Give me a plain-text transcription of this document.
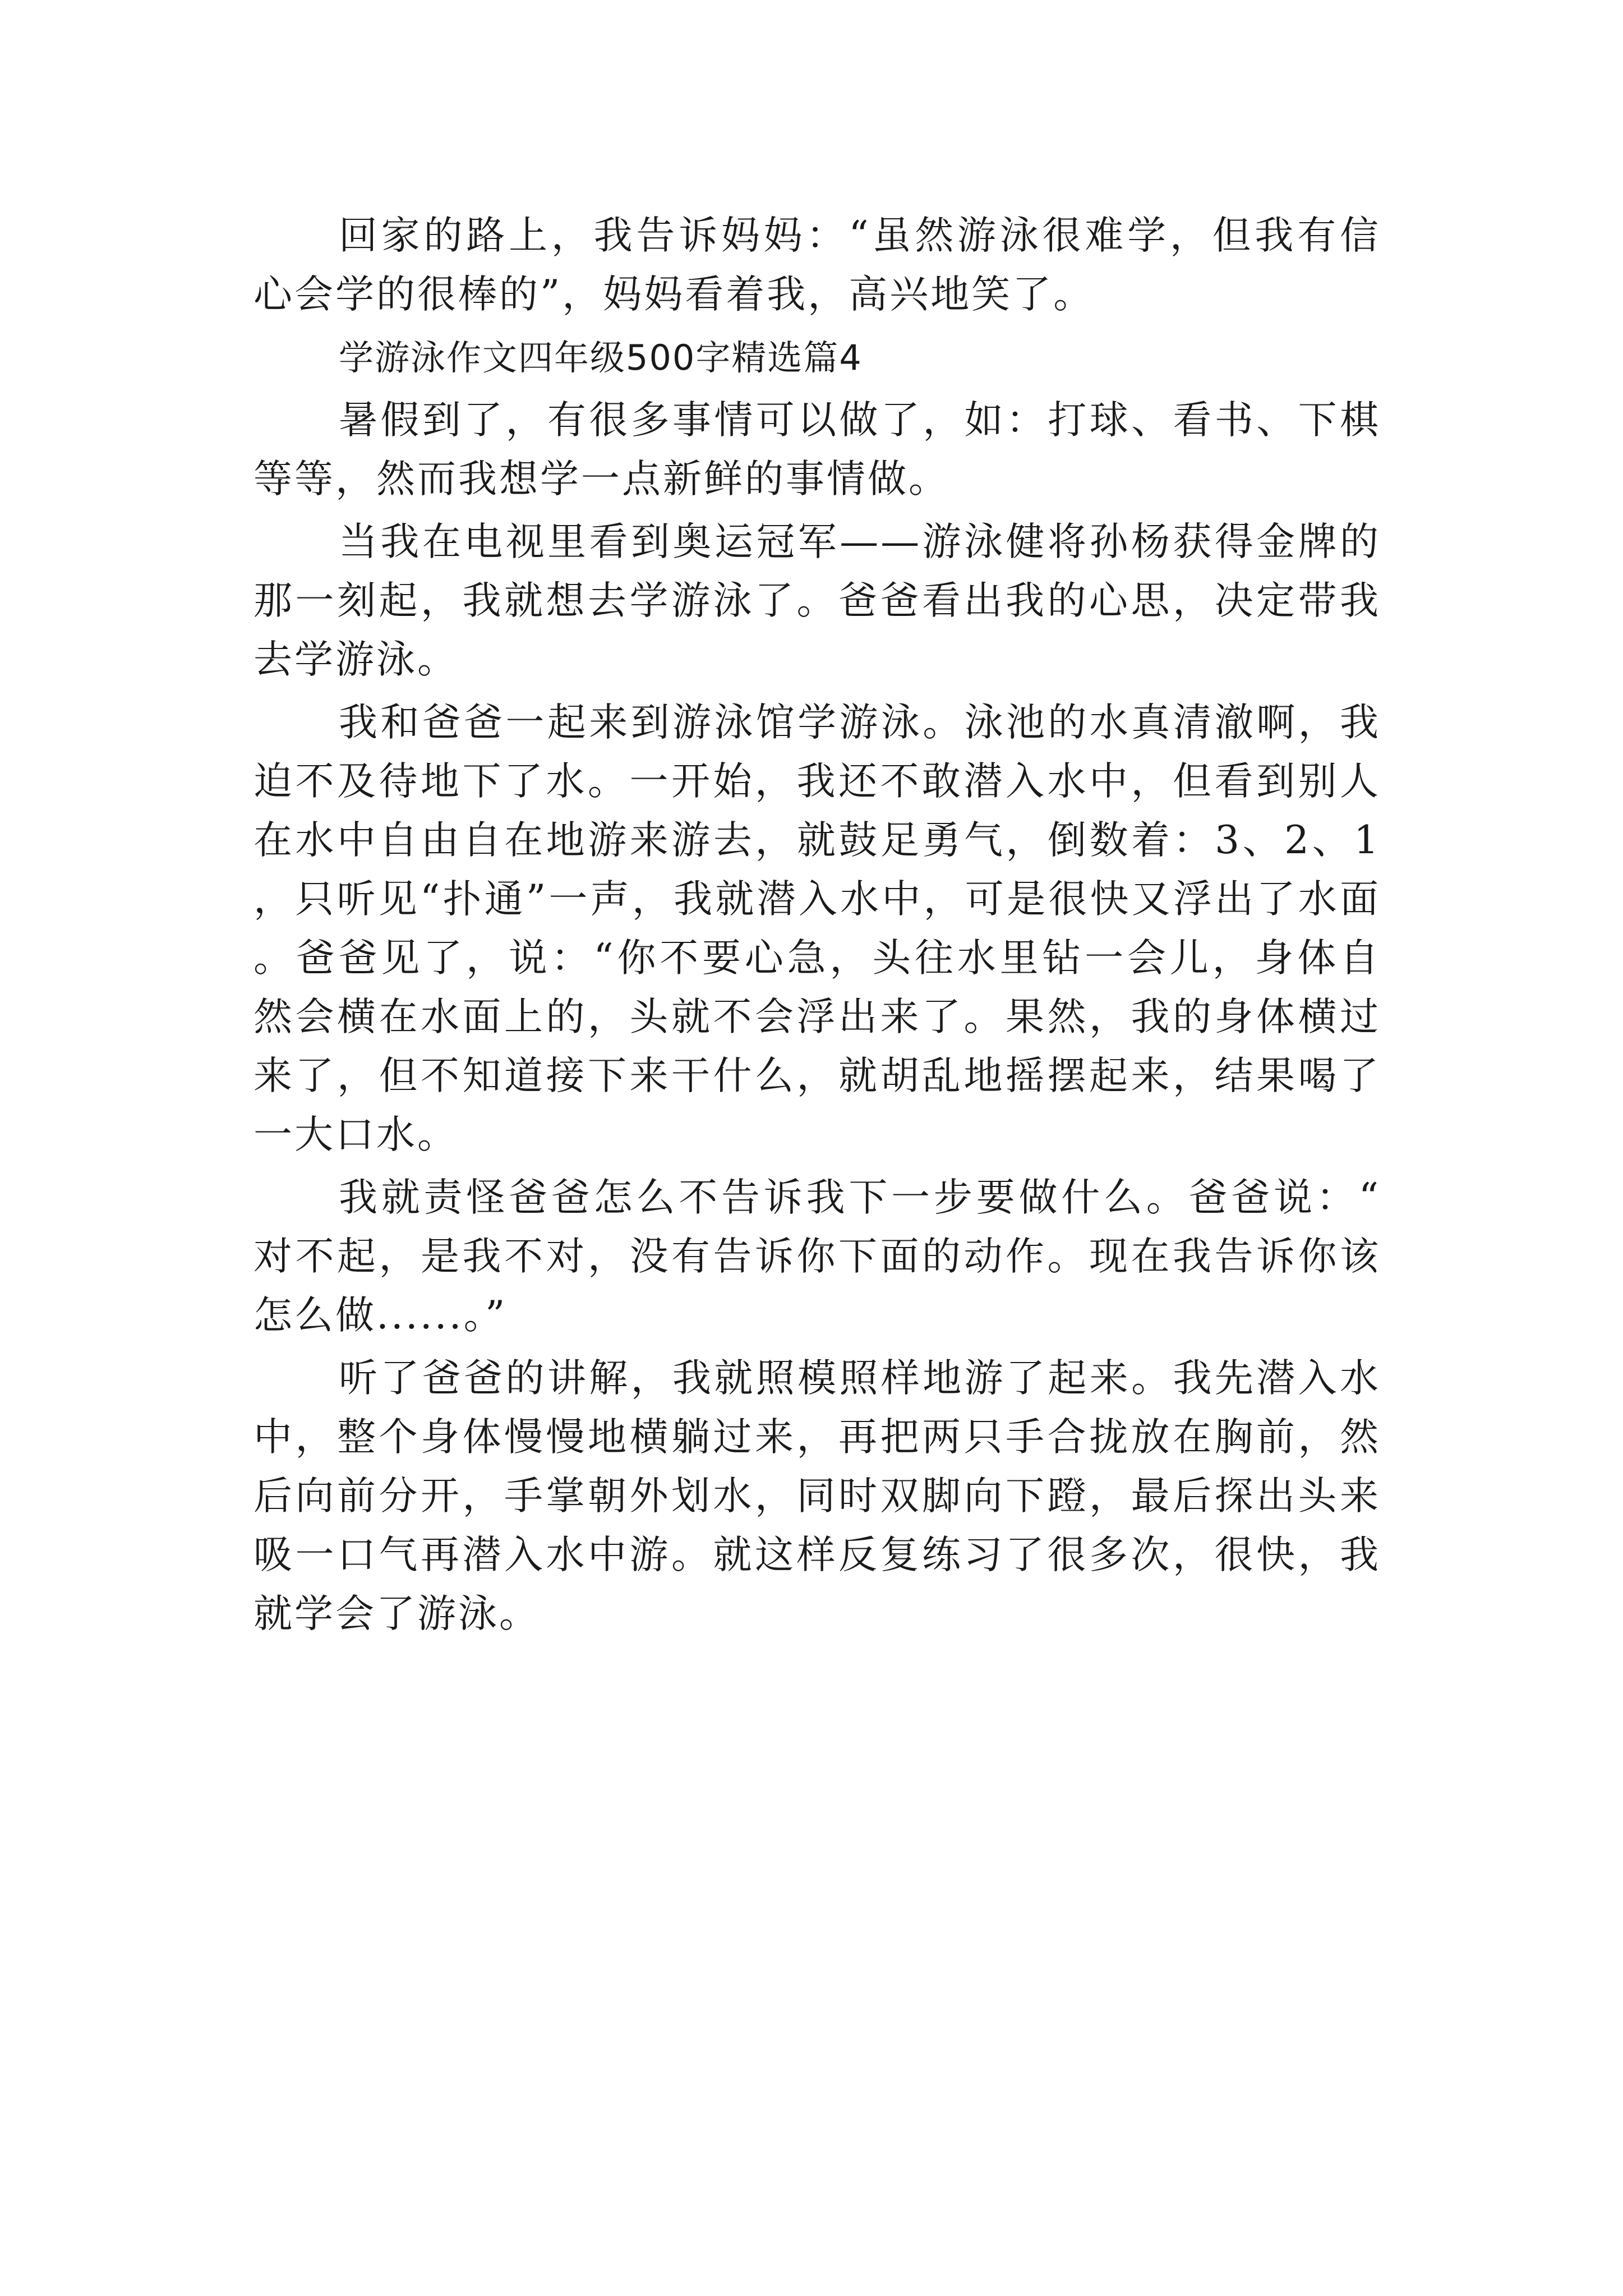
回家的路上，我告诉妈妈：“虽然游泳很难学，但我有信心会学的很棒的”，妈妈看着我，高兴地笑了。

学游泳作文四年级500字精选篇4

暑假到了，有很多事情可以做了，如：打球、看书、下棋等等，然而我想学一点新鲜的事情做。

当我在电视里看到奥运冠军——游泳健将孙杨获得金牌的那一刻起，我就想去学游泳了。爸爸看出我的心思，决定带我去学游泳。

我和爸爸一起来到游泳馆学游泳。泳池的水真清澈啊，我迫不及待地下了水。一开始，我还不敢潜入水中，但看到别人在水中自由自在地游来游去，就鼓足勇气，倒数着：3、2、1，只听见“扑通”一声，我就潜入水中，可是很快又浮出了水面。爸爸见了，说：“你不要心急，头往水里钻一会儿，身体自然会横在水面上的，头就不会浮出来了。果然，我的身体横过来了，但不知道接下来干什么，就胡乱地摇摆起来，结果喝了一大口水。

我就责怪爸爸怎么不告诉我下一步要做什么。爸爸说：“对不起，是我不对，没有告诉你下面的动作。现在我告诉你该怎么做......。”

听了爸爸的讲解，我就照模照样地游了起来。我先潜入水中，整个身体慢慢地横躺过来，再把两只手合拢放在胸前，然后向前分开，手掌朝外划水，同时双脚向下蹬，最后探出头来吸一口气再潜入水中游。就这样反复练习了很多次，很快，我就学会了游泳。
